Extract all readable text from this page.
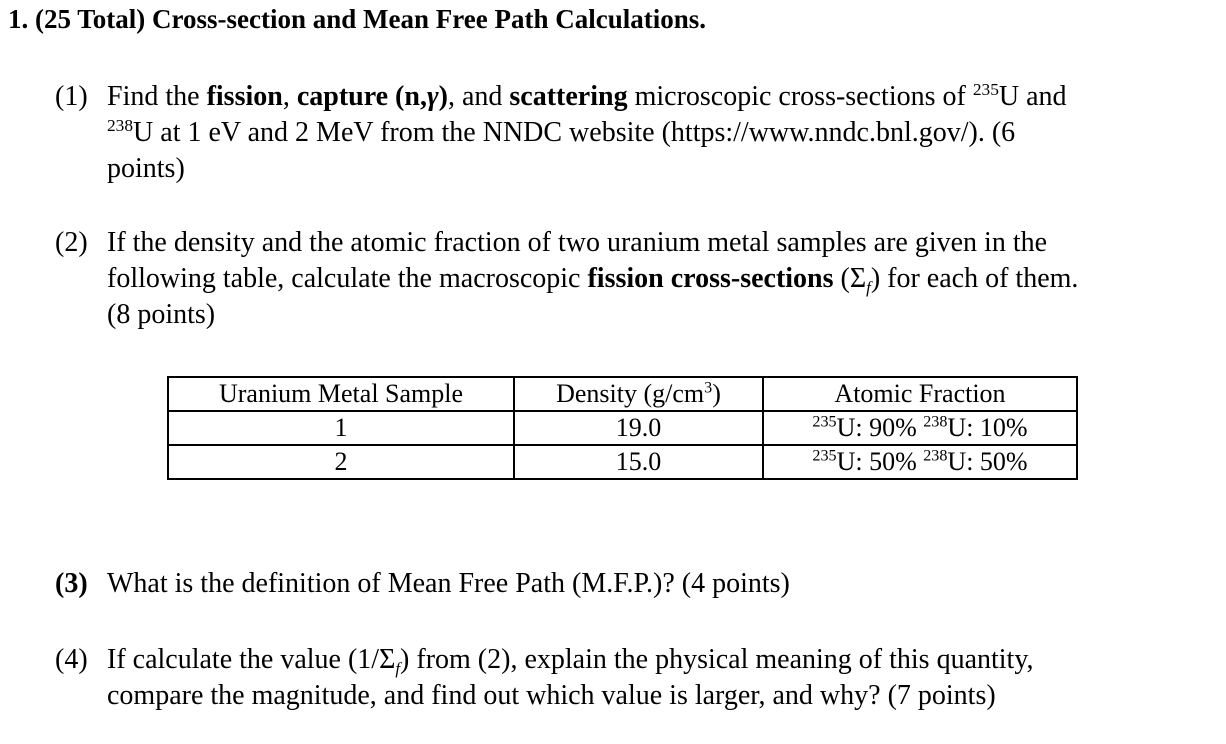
1. (25 Total) Cross-section and Mean Free Path Calculations.
(1) Find the fission, capture (n,γ), and scattering microscopic cross-sections of $^{235}$U and
$^{238}$U at 1 eV and 2 MeV from the NNDC website (https://www.nndc.bnl.gov/). (6
points)
(2) If the density and the atomic fraction of two uranium metal samples are given in the
following table, calculate the macroscopic fission cross-sections $(\Sigma_f)$ for each of them.
(8 points)
Uranium Metal Sample	Density $(g/cm^3)$	Atomic Fraction
1	19.0	$^{235}$U: 90% $^{238}$U: 10%
2	15.0	$^{235}$U: 50% $^{238}$U: 50%
(3) What is the definition of Mean Free Path (M.F.P.)? (4 points)
(4) If calculate the value $(1/\Sigma_f)$ from (2), explain the physical meaning of this quantity,
compare the magnitude, and find out which value is larger, and why? (7 points)
